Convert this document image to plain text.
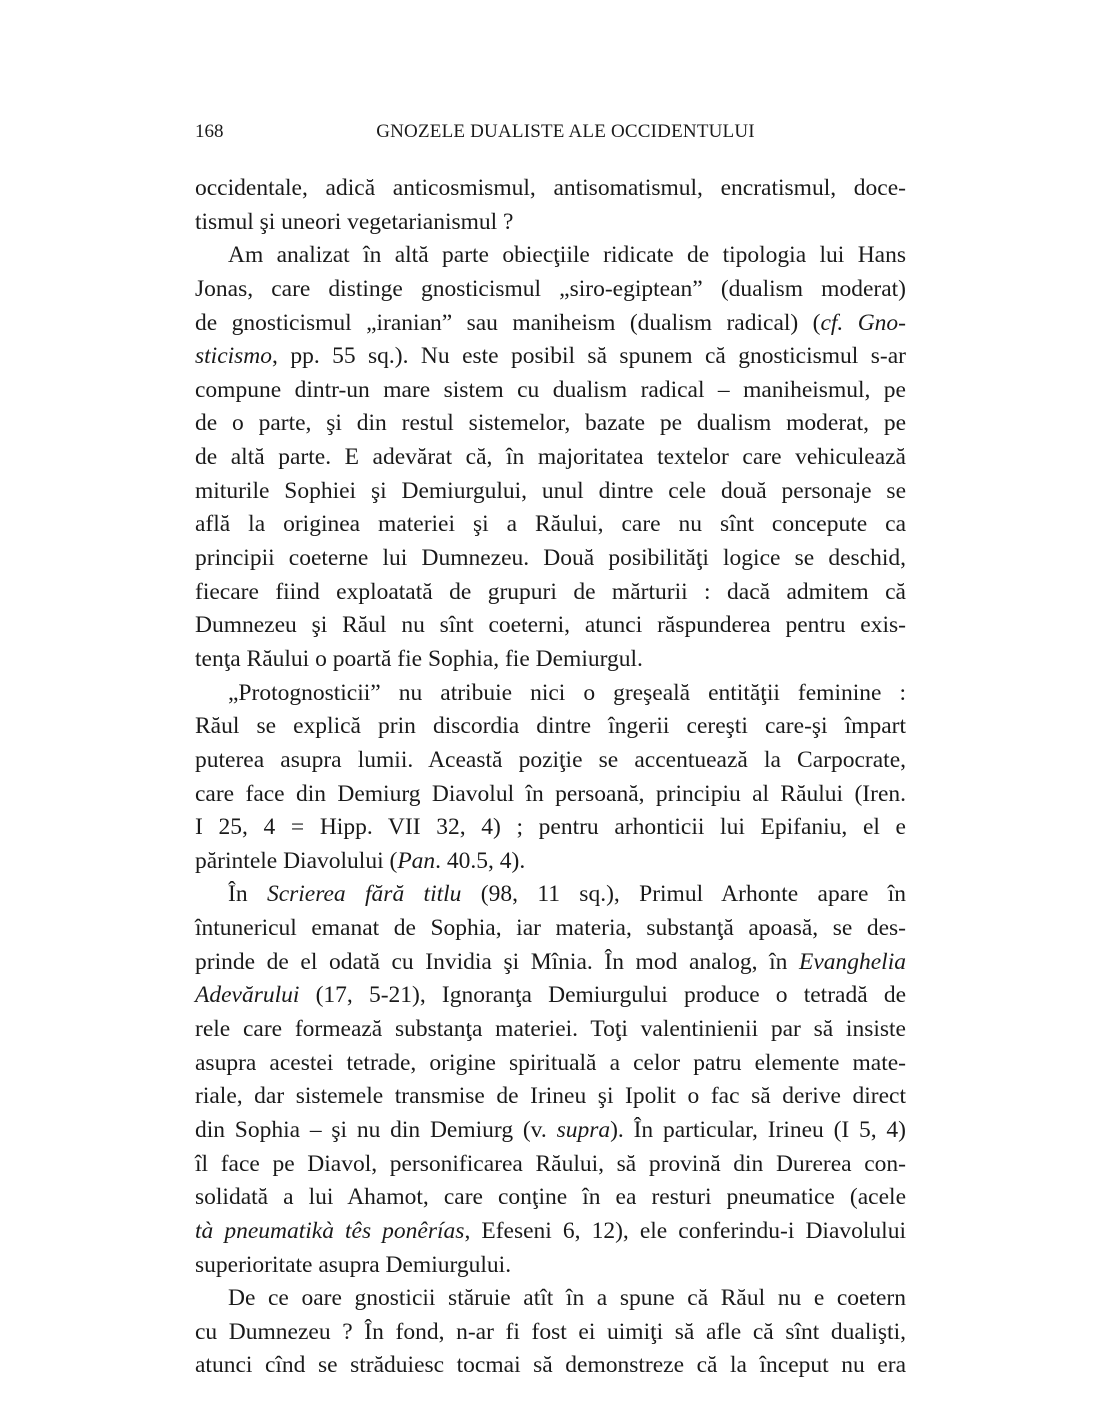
168	GNOZELE DUALISTE ALE OCCIDENTULUI
occidentale, adică anticosmismul, antisomatismul, encratismul, doce-
tismul şi uneori vegetarianismul ?
Am analizat în altă parte obiecţiile ridicate de tipologia lui Hans
Jonas, care distinge gnosticismul „siro-egiptean” (dualism moderat)
de gnosticismul „iranian” sau maniheism (dualism radical) (cf. Gno-
sticismo, pp. 55 sq.). Nu este posibil să spunem că gnosticismul s-ar
compune dintr-un mare sistem cu dualism radical – maniheismul, pe
de o parte, şi din restul sistemelor, bazate pe dualism moderat, pe
de altă parte. E adevărat că, în majoritatea textelor care vehiculează
miturile Sophiei şi Demiurgului, unul dintre cele două personaje se
află la originea materiei şi a Răului, care nu sînt concepute ca
principii coeterne lui Dumnezeu. Două posibilităţi logice se deschid,
fiecare fiind exploatată de grupuri de mărturii : dacă admitem că
Dumnezeu şi Răul nu sînt coeterni, atunci răspunderea pentru exis-
tenţa Răului o poartă fie Sophia, fie Demiurgul.
„Protognosticii” nu atribuie nici o greşeală entităţii feminine :
Răul se explică prin discordia dintre îngerii cereşti care-şi împart
puterea asupra lumii. Această poziţie se accentuează la Carpocrate,
care face din Demiurg Diavolul în persoană, principiu al Răului (Iren.
I 25, 4 = Hipp. VII 32, 4) ; pentru arhonticii lui Epifaniu, el e
părintele Diavolului (Pan. 40.5, 4).
În Scrierea fără titlu (98, 11 sq.), Primul Arhonte apare în
întunericul emanat de Sophia, iar materia, substanţă apoasă, se des-
prinde de el odată cu Invidia şi Mînia. În mod analog, în Evanghelia
Adevărului (17, 5-21), Ignoranţa Demiurgului produce o tetradă de
rele care formează substanţa materiei. Toţi valentinienii par să insiste
asupra acestei tetrade, origine spirituală a celor patru elemente mate-
riale, dar sistemele transmise de Irineu şi Ipolit o fac să derive direct
din Sophia – şi nu din Demiurg (v. supra). În particular, Irineu (I 5, 4)
îl face pe Diavol, personificarea Răului, să provină din Durerea con-
solidată a lui Ahamot, care conţine în ea resturi pneumatice (acele
tà pneumatikà tês ponêrías, Efeseni 6, 12), ele conferindu-i Diavolului
superioritate asupra Demiurgului.
De ce oare gnosticii stăruie atît în a spune că Răul nu e coetern
cu Dumnezeu ? În fond, n-ar fi fost ei uimiţi să afle că sînt dualişti,
atunci cînd se străduiesc tocmai să demonstreze că la început nu era
